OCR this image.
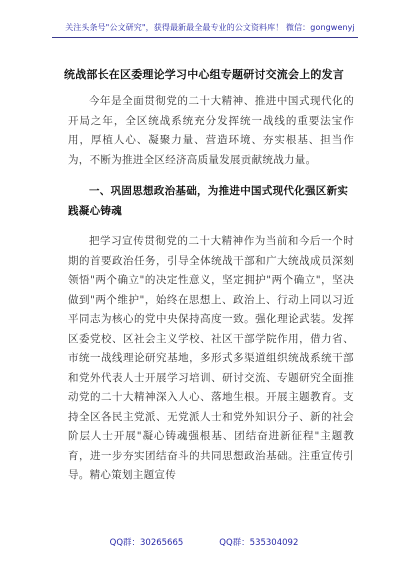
关注头条号"公文研究"，获得最新最全最专业的公文资料库！ 微信：gongwenyj
统战部长在区委理论学习中心组专题研讨交流会上的发言

今年是全面贯彻党的二十大精神、推进中国式现代化的开局之年，全区统战系统充分发挥统一战线的重要法宝作用，厚植人心、凝聚力量、营造环境、夯实根基、担当作为，不断为推进全区经济高质量发展贡献统战力量。

一、巩固思想政治基础，为推进中国式现代化强区新实践凝心铸魂

把学习宣传贯彻党的二十大精神作为当前和今后一个时期的首要政治任务，引导全体统战干部和广大统战成员深刻领悟"两个确立"的决定性意义，坚定拥护"两个确立"，坚决做到"两个维护"，始终在思想上、政治上、行动上同以习近平同志为核心的党中央保持高度一致。强化理论武装。发挥区委党校、区社会主义学校、社区干部学院作用，借力省、市统一战线理论研究基地，多形式多渠道组织统战系统干部和党外代表人士开展学习培训、研讨交流、专题研究全面推动党的二十大精神深入人心、落地生根。开展主题教育。支持全区各民主党派、无党派人士和党外知识分子、新的社会阶层人士开展"凝心铸魂强根基、团结奋进新征程"主题教育，进一步夯实团结奋斗的共同思想政治基础。注重宣传引导。精心策划主题宣传

QQ群：30265665	QQ群：535304092
